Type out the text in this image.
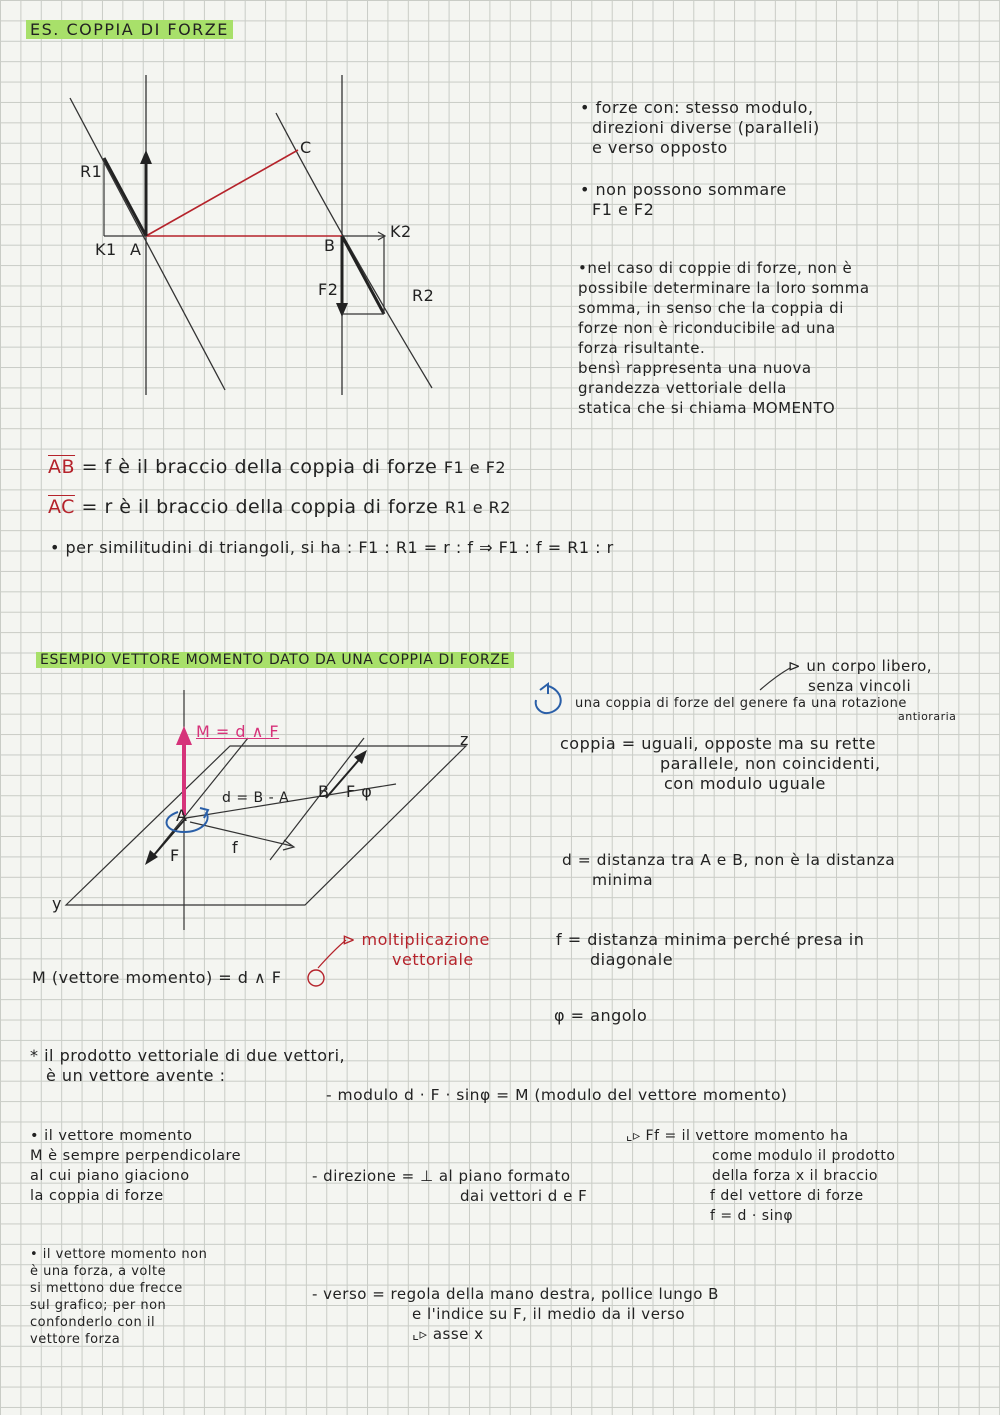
ES. COPPIA DI FORZE
R1
K1 A	B
C
K2
F2	R2
• forze con: stesso modulo,
direzioni diverse (paralleli)
e verso opposto
• non possono sommare
F1 e F2
•nel caso di coppie di forze, non è
possibile determinare la loro somma
somma, in senso che la coppia di
forze non è riconducibile ad una
forza risultante.
bensì rappresenta una nuova
grandezza vettoriale della
statica che si chiama MOMENTO
$\overline{AB} = f$ è il braccio della coppia di forze F1 e F2
$\overline{AC} = r$ è il braccio della coppia di forze R1 e R2
• per similitudini di triangoli, si ha : F1 : R1 = r : f ⇒ F1 : f = R1 : r
ESEMPIO VETTORE MOMENTO DATO DA UNA COPPIA DI FORZE
M = d ∧ F	z
y
B F φ
A
d = B - A
F	f
⊳ un corpo libero,
senza vincoli
una coppia di forze del genere fa una rotazione
antioraria
coppia = uguali, opposte ma su rette
parallele, non coincidenti,
con modulo uguale
d = distanza tra A e B, non è la distanza
minima
f = distanza minima perché presa in
diagonale
φ = angolo
⊳ moltiplicazione
vettoriale
M (vettore momento) = d ∧ F
* il prodotto vettoriale di due vettori,
è un vettore avente :
- modulo d · F · sinφ = M (modulo del vettore momento)
⌞▹ Ff = il vettore momento ha
come modulo il prodotto
della forza x il braccio
f del vettore di forze
f = d · sinφ
• il vettore momento
M è sempre perpendicolare
al cui piano giaciono
la coppia di forze
- direzione = ⊥ al piano formato
dai vettori d e F
• il vettore momento non
è una forza, a volte
si mettono due frecce
sul grafico; per non
confonderlo con il
vettore forza
- verso = regola della mano destra, pollice lungo B
e l'indice su F, il medio da il verso
⌞▹ asse x
